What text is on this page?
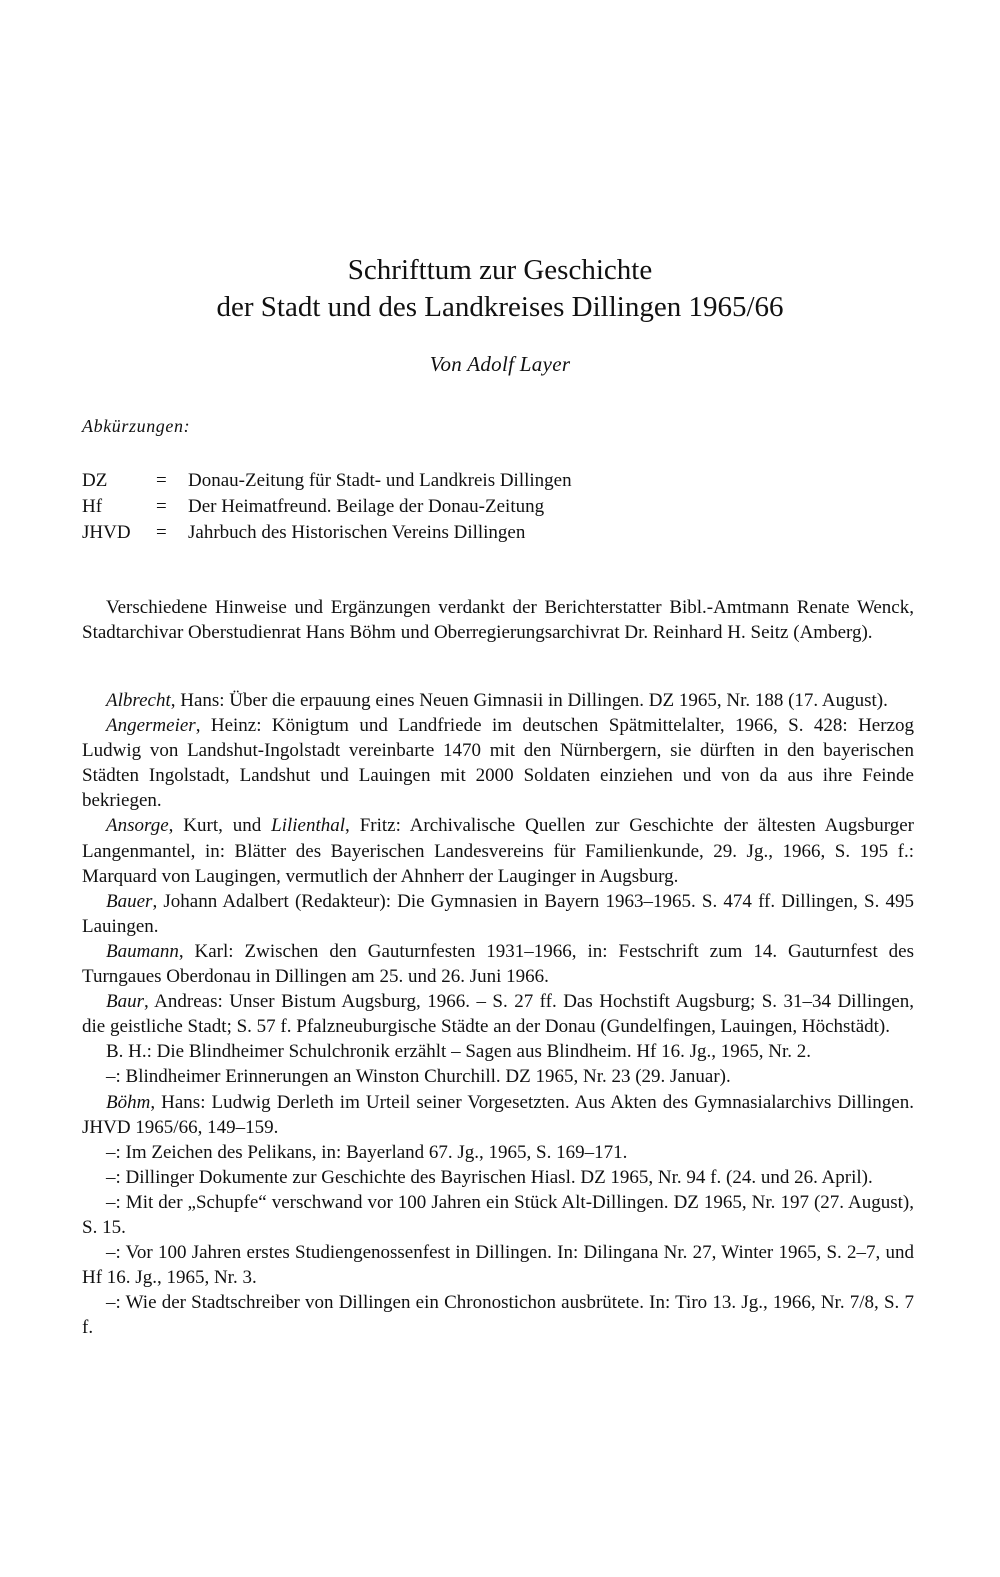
Schrifttum zur Geschichte
der Stadt und des Landkreises Dillingen 1965/66
Von Adolf Layer
Abkürzungen:
DZ	= Donau-Zeitung für Stadt- und Landkreis Dillingen
Hf	= Der Heimatfreund. Beilage der Donau-Zeitung
JHVD = Jahrbuch des Historischen Vereins Dillingen

Verschiedene Hinweise und Ergänzungen verdankt der Berichterstatter Bibl.-Amtmann Renate Wenck, Stadtarchivar Oberstudienrat Hans Böhm und Oberregierungsarchivrat Dr. Reinhard H. Seitz (Amberg).

Albrecht, Hans: Über die erpauung eines Neuen Gimnasii in Dillingen. DZ 1965, Nr. 188 (17. August).

Angermeier, Heinz: Königtum und Landfriede im deutschen Spätmittelalter, 1966, S. 428: Herzog Ludwig von Landshut-Ingolstadt vereinbarte 1470 mit den Nürnbergern, sie dürften in den bayerischen Städten Ingolstadt, Landshut und Lauingen mit 2000 Soldaten einziehen und von da aus ihre Feinde bekriegen.

Ansorge, Kurt, und Lilienthal, Fritz: Archivalische Quellen zur Geschichte der ältesten Augsburger Langenmantel, in: Blätter des Bayerischen Landesvereins für Familienkunde, 29. Jg., 1966, S. 195 f.: Marquard von Laugingen, vermutlich der Ahnherr der Lauginger in Augsburg.

Bauer, Johann Adalbert (Redakteur): Die Gymnasien in Bayern 1963–1965. S. 474 ff. Dillingen, S. 495 Lauingen.

Baumann, Karl: Zwischen den Gauturnfesten 1931–1966, in: Festschrift zum 14. Gauturnfest des Turngaues Oberdonau in Dillingen am 25. und 26. Juni 1966.

Baur, Andreas: Unser Bistum Augsburg, 1966. – S. 27 ff. Das Hochstift Augsburg; S. 31–34 Dillingen, die geistliche Stadt; S. 57 f. Pfalzneuburgische Städte an der Donau (Gundelfingen, Lauingen, Höchstädt).

B. H.: Die Blindheimer Schulchronik erzählt – Sagen aus Blindheim. Hf 16. Jg., 1965, Nr. 2.

–: Blindheimer Erinnerungen an Winston Churchill. DZ 1965, Nr. 23 (29. Januar).

Böhm, Hans: Ludwig Derleth im Urteil seiner Vorgesetzten. Aus Akten des Gymnasialarchivs Dillingen. JHVD 1965/66, 149–159.

–: Im Zeichen des Pelikans, in: Bayerland 67. Jg., 1965, S. 169–171.

–: Dillinger Dokumente zur Geschichte des Bayrischen Hiasl. DZ 1965, Nr. 94 f. (24. und 26. April).

–: Mit der „Schupfe“ verschwand vor 100 Jahren ein Stück Alt-Dillingen. DZ 1965, Nr. 197 (27. August), S. 15.

–: Vor 100 Jahren erstes Studiengenossenfest in Dillingen. In: Dilingana Nr. 27, Winter 1965, S. 2–7, und Hf 16. Jg., 1965, Nr. 3.

–: Wie der Stadtschreiber von Dillingen ein Chronostichon ausbrütete. In: Tiro 13. Jg., 1966, Nr. 7/8, S. 7 f.
